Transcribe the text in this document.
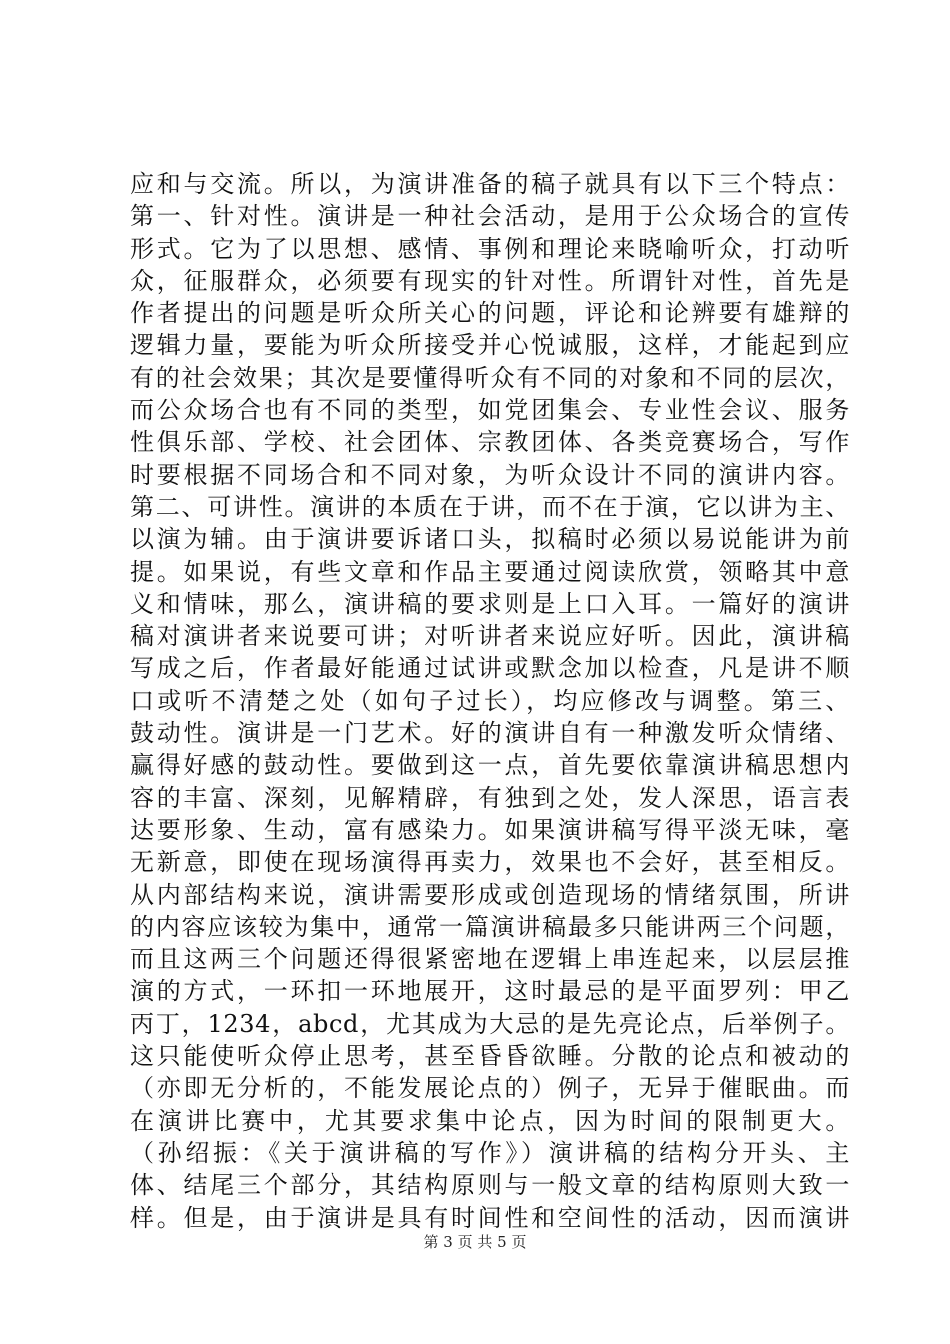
应和与交流。所以，为演讲准备的稿子就具有以下三个特点：
第一、针对性。演讲是一种社会活动，是用于公众场合的宣传
形式。它为了以思想、感情、事例和理论来晓喻听众，打动听
众，征服群众，必须要有现实的针对性。所谓针对性，首先是
作者提出的问题是听众所关心的问题，评论和论辨要有雄辩的
逻辑力量，要能为听众所接受并心悦诚服，这样，才能起到应
有的社会效果；其次是要懂得听众有不同的对象和不同的层次，
而公众场合也有不同的类型，如党团集会、专业性会议、服务
性俱乐部、学校、社会团体、宗教团体、各类竞赛场合，写作
时要根据不同场合和不同对象，为听众设计不同的演讲内容。
第二、可讲性。演讲的本质在于讲，而不在于演，它以讲为主、
以演为辅。由于演讲要诉诸口头，拟稿时必须以易说能讲为前
提。如果说，有些文章和作品主要通过阅读欣赏，领略其中意
义和情味，那么，演讲稿的要求则是上口入耳。一篇好的演讲
稿对演讲者来说要可讲；对听讲者来说应好听。因此，演讲稿
写成之后，作者最好能通过试讲或默念加以检查，凡是讲不顺
口或听不清楚之处（如句子过长），均应修改与调整。第三、
鼓动性。演讲是一门艺术。好的演讲自有一种激发听众情绪、
赢得好感的鼓动性。要做到这一点，首先要依靠演讲稿思想内
容的丰富、深刻，见解精辟，有独到之处，发人深思，语言表
达要形象、生动，富有感染力。如果演讲稿写得平淡无味，毫
无新意，即使在现场演得再卖力，效果也不会好，甚至相反。
从内部结构来说，演讲需要形成或创造现场的情绪氛围，所讲
的内容应该较为集中，通常一篇演讲稿最多只能讲两三个问题，
而且这两三个问题还得很紧密地在逻辑上串连起来，以层层推
演的方式，一环扣一环地展开，这时最忌的是平面罗列：甲乙
丙丁，1234，abcd，尤其成为大忌的是先亮论点，后举例子。
这只能使听众停止思考，甚至昏昏欲睡。分散的论点和被动的
（亦即无分析的，不能发展论点的）例子，无异于催眠曲。而
在演讲比赛中，尤其要求集中论点，因为时间的限制更大。
（孙绍振：《关于演讲稿的写作》）演讲稿的结构分开头、主
体、结尾三个部分，其结构原则与一般文章的结构原则大致一
样。但是，由于演讲是具有时间性和空间性的活动，因而演讲
第 3 页 共 5 页
